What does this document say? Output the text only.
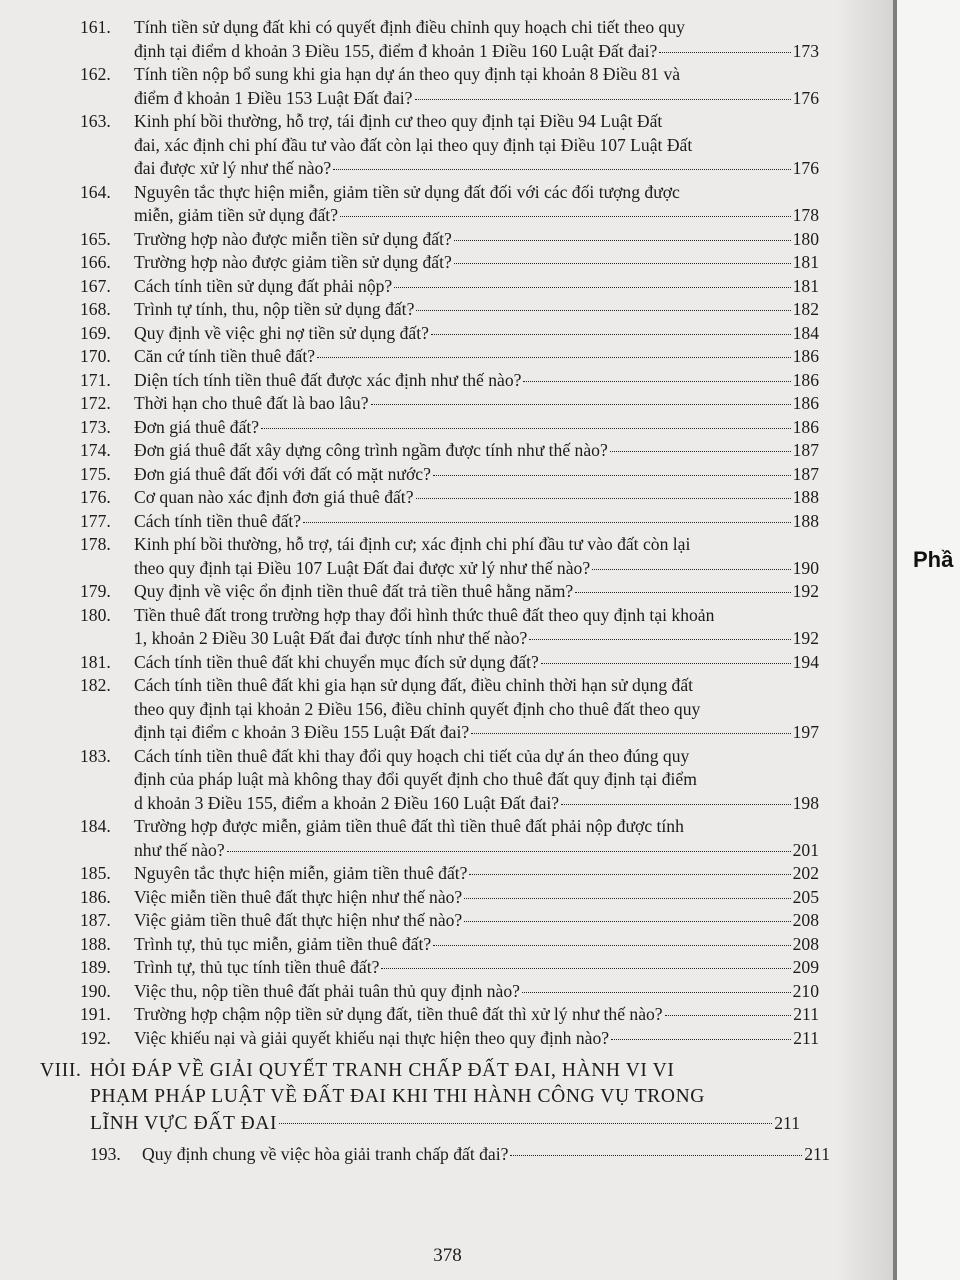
161.	Tính tiền sử dụng đất khi có quyết định điều chỉnh quy hoạch chi tiết theo quy
định tại điểm d khoản 3 Điều 155, điểm đ khoản 1 Điều 160 Luật Đất đai?	173
162.	Tính tiền nộp bổ sung khi gia hạn dự án theo quy định tại khoản 8 Điều 81 và
điểm đ khoản 1 Điều 153 Luật Đất đai?	176
163.	Kinh phí bồi thường, hỗ trợ, tái định cư theo quy định tại Điều 94 Luật Đất
đai, xác định chi phí đầu tư vào đất còn lại theo quy định tại Điều 107 Luật Đất
đai được xử lý như thế nào?	176
164.	Nguyên tắc thực hiện miễn, giảm tiền sử dụng đất đối với các đối tượng được
miễn, giảm tiền sử dụng đất?	178
165.	Trường hợp nào được miễn tiền sử dụng đất?	180
166.	Trường hợp nào được giảm tiền sử dụng đất?	181
167.	Cách tính tiền sử dụng đất phải nộp?	181
168.	Trình tự tính, thu, nộp tiền sử dụng đất?	182
169.	Quy định về việc ghi nợ tiền sử dụng đất?	184
170.	Căn cứ tính tiền thuê đất?	186
171.	Diện tích tính tiền thuê đất được xác định như thế nào?	186
172.	Thời hạn cho thuê đất là bao lâu?	186
173.	Đơn giá thuê đất?	186
174.	Đơn giá thuê đất xây dựng công trình ngầm được tính như thế nào?	187
175.	Đơn giá thuê đất đối với đất có mặt nước?	187
176.	Cơ quan nào xác định đơn giá thuê đất?	188
177.	Cách tính tiền thuê đất?	188
178.	Kinh phí bồi thường, hỗ trợ, tái định cư; xác định chi phí đầu tư vào đất còn lại
theo quy định tại Điều 107 Luật Đất đai được xử lý như thế nào?	190
179.	Quy định về việc ổn định tiền thuê đất trả tiền thuê hằng năm?	192
180.	Tiền thuê đất trong trường hợp thay đổi hình thức thuê đất theo quy định tại khoản
1, khoản 2 Điều 30 Luật Đất đai được tính như thế nào?	192
181.	Cách tính tiền thuê đất khi chuyển mục đích sử dụng đất?	194
182.	Cách tính tiền thuê đất khi gia hạn sử dụng đất, điều chỉnh thời hạn sử dụng đất
theo quy định tại khoản 2 Điều 156, điều chỉnh quyết định cho thuê đất theo quy
định tại điểm c khoản 3 Điều 155 Luật Đất đai?	197
183.	Cách tính tiền thuê đất khi thay đổi quy hoạch chi tiết của dự án theo đúng quy
định của pháp luật mà không thay đổi quyết định cho thuê đất quy định tại điểm
d khoản 3 Điều 155, điểm a khoản 2 Điều 160 Luật Đất đai?	198
184.	Trường hợp được miễn, giảm tiền thuê đất thì tiền thuê đất phải nộp được tính
như thế nào?	201
185.	Nguyên tắc thực hiện miễn, giảm tiền thuê đất?	202
186.	Việc miễn tiền thuê đất thực hiện như thế nào?	205
187.	Việc giảm tiền thuê đất thực hiện như thế nào?	208
188.	Trình tự, thủ tục miễn, giảm tiền thuê đất?	208
189.	Trình tự, thủ tục tính tiền thuê đất?	209
190.	Việc thu, nộp tiền thuê đất phải tuân thủ quy định nào?	210
191.	Trường hợp chậm nộp tiền sử dụng đất, tiền thuê đất thì xử lý như thế nào?	211
192.	Việc khiếu nại và giải quyết khiếu nại thực hiện theo quy định nào?	211
VIII. HỎI ĐÁP VỀ GIẢI QUYẾT TRANH CHẤP ĐẤT ĐAI, HÀNH VI VI
PHẠM PHÁP LUẬT VỀ ĐẤT ĐAI KHI THI HÀNH CÔNG VỤ TRONG
LĨNH VỰC ĐẤT ĐAI	211
193.	Quy định chung về việc hòa giải tranh chấp đất đai?	211
378
Phầ
